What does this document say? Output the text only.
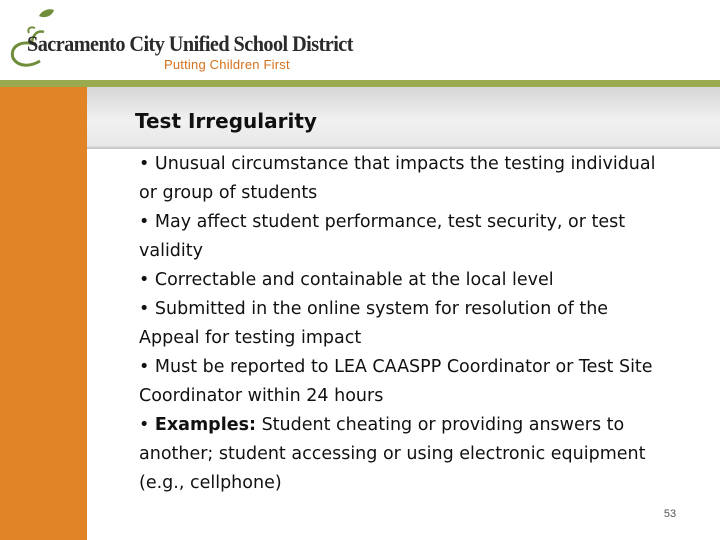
Sacramento City Unified School District
Putting Children First
Test Irregularity

• Unusual circumstance that impacts the testing individual or group of students

• May affect student performance, test security, or test validity

• Correctable and containable at the local level

• Submitted in the online system for resolution of the Appeal for testing impact

• Must be reported to LEA CAASPP Coordinator or Test Site Coordinator within 24 hours

• Examples: Student cheating or providing answers to another; student accessing or using electronic equipment (e.g., cellphone)

53
